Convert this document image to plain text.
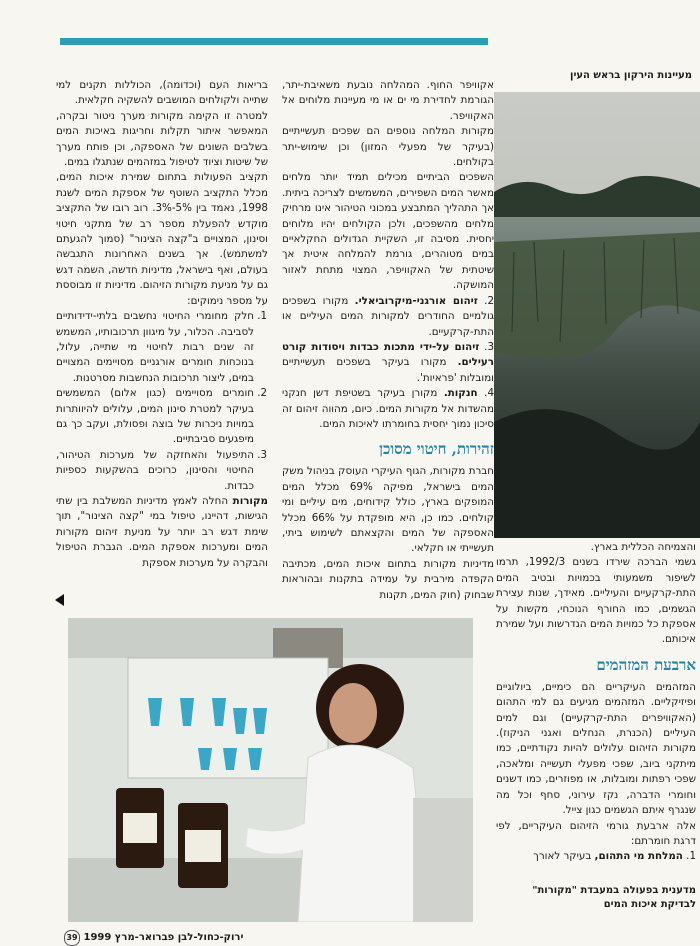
מעיינות הירקון בראש העין

בריאות העם (וכדומה), הכוללות תקנים למי שתייה ולקולחים המושבים להשקיה חקלאית.

למטרה זו הקימה מקורות מערך ניטור ובקרה, המאפשר איתור תקלות וחריגות באיכות המים בשלבים השונים של האספקה, וכן פותח מערך של שיטות וציוד לטיפול במזהמים שנתגלו במים.

תקציב הפעולות בתחום שמירת איכות המים, מכלל התקציב השוטף של אספקת המים לשנת 1998, נאמד בין 5%-3%. רוב רובו של התקציב מוקדש להפעלת מספר רב של מתקני חיטוי וסינון, המצויים ב"קצה הצינור" (סמוך להגעתם למשתמש). אך בשנים האחרונות התגבשה בעולם, ואף בישראל, מדיניות חדשה, השמה דגש גם על מניעת מקורות הזיהום. מדיניות זו מבוססת על מספר נימוקים:

1. חלק מחומרי החיטוי נחשבים בלתי-ידידותיים לסביבה. הכלור, על מיגוון תרכובותיו, המשמש זה שנים רבות לחיטוי מי שתייה, עלול, בנוכחות חומרים אורגניים מסויימים המצויים במים, ליצור תרכובות הנחשבות מסרטנות.
2. חומרים מסויימים (כגון אלום) המשמשים בעיקר למטרת סינון המים, עלולים להיוותרות במויות ניכרות של בוצה ופסולת, ועקב כך גם מיפגעים סביבתיים.
3. התיפעול והאחזקה של מערכות הטיהור, החיטוי והסינון, כרוכים בהשקעות כספיות כבדות.

מקורות החלה לאמץ מדיניות המשלבת בין שתי הגישות, דהיינו, טיפול במי "קצה הצינור", תוך שימת דגש רב יותר על מניעת זיהום מקורות המים ומערכות אספקת המים. הגברת הטיפול והבקרה על מערכות אספקת

אקוויפר החוף. המהלחה נובעת משאיבת-יתר, הגורמת לחדירת מי ים או מי מעיינות מלוחים אל האקוויפר.

מקורות המלחה נוספים הם שפכים תעשייתיים (בעיקר של מפעלי המזון) וכן שימוש-יתר בקולחים.

השפכים הביתיים מכילים תמיד יותר מלחים מאשר המים השפירים, המשמשים לצריכה ביתית. אך התהליך המתבצע במכוני הטיהור אינו מרחיק מלחים מהשפכים, ולכן הקולחים יהיו מלוחים יחסית. מסיבה זו, השקיית הגדולים החקלאיים במים מטוהרים, גורמת להמלחה איטית אך שיטתית של האקוויפר, המצוי מתחת לאזור המושקה.

2. זיהום אורגני-מיקרוביאלי. מקורו בשפכים גולמיים החודרים למקורות המים העיליים או התת-קרקעיים.

3. זיהום על-ידי מתכות כבדות ויסודות קורט רעילים. מקורו בעיקר בשפכים תעשייתיים ומובלות 'פראיות'.

4. חנקות. מקורן בעיקר בשטיפת דשן חנקני מהשדות אל מקורות המים. כיום, מהווה זיהום זה סיכון נמוך יחסית בחומרתו לאיכות המים.

זהירות, חיטוי מסוכן

חברת מקורות, הגוף העיקרי העוסק בניהול משק המים בישראל, מפיקה 69% מכלל המים המופקים בארץ, כולל קידוחים, מים עיליים ומי קולחים. כמו כן, היא מופקדת על 66% מכלל האספקה של המים והקצאתם לשימוש ביתי, תעשייתי או חקלאי.

מדיניות מקורות בתחום איכות המים, מכתיבה הקפדה מירבית על עמידה בתקנות ובהוראות שבחוק (חוק המים, תקנות

והצמיחה הכללית בארץ.

גשמי הברכה שירדו בשנים 1992/3, תרמו לשיפור משמעותי בכמויות ובטיב המים התת-קרקעיים והעיליים. מאידך, שנות עצירת הגשמים, כמו החורף הנוכחי, מקשות על אספקת כל כמויות המים הנדרשות ועל שמירת איכותם.

ארבעת המזהמים

המזהמים העיקריים הם כימיים, ביולוגיים ופיזיקליים. המזהמים מגיעים גם למי התהום (האקוויפרים התת-קרקעיים) וגם למים העיליים (הכנרת, הנחלים ואגני הניקוז). מקורות הזיהום עלולים להיות נקודתיים, כמו מיתקני ביוב, שפכי מפעלי תעשייה ומלאכה, שפכי רפתות ומובלות, או מפוזרים, כמו דשנים וחומרי הדברה, נקז עירוני, סחף וכל מה שנגרף איתם הגשמים כגון צייל.

אלה ארבעת גורמי הזיהום העיקריים, לפי דרגת חומרתם:

1. המלחת מי התהום, בעיקר לאורך

מדענית בפעולה במעבדת "מקורות" לבדיקת איכות המים
ירוק-כחול-לבן פברואר-מרץ 1999 39
